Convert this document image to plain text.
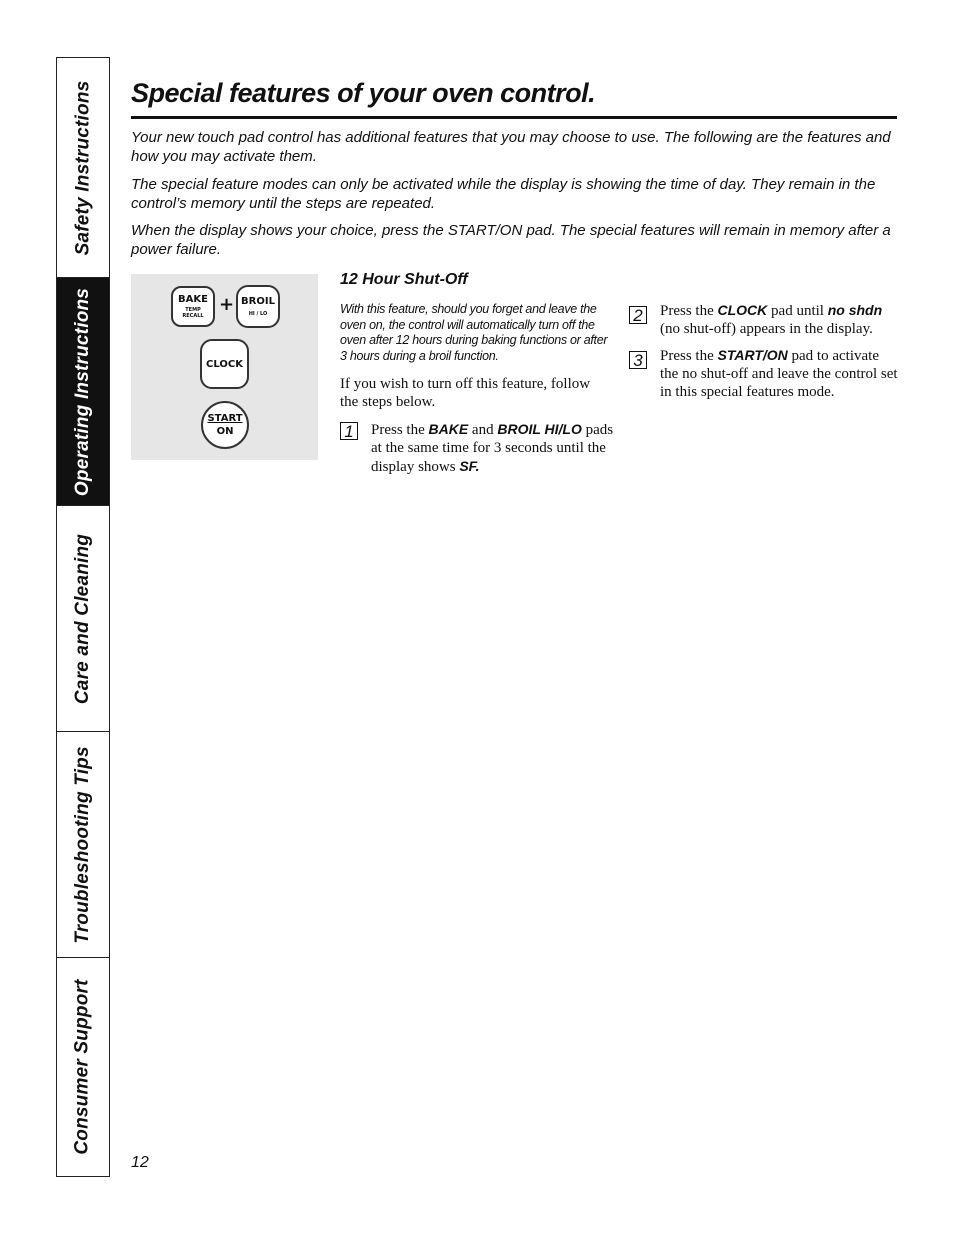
Safety Instructions
Operating Instructions
Care and Cleaning
Troubleshooting Tips
Consumer Support
Special features of your oven control.

Your new touch pad control has additional features that you may choose to use. The following are the features and how you may activate them.

The special feature modes can only be activated while the display is showing the time of day. They remain in the control’s memory until the steps are repeated.

When the display shows your choice, press the START/ON pad. The special features will remain in memory after a power failure.

BAKE
TEMP RECALL
+ BROIL
HI / LO
CLOCK
START
ON
12 Hour Shut-Off

With this feature, should you forget and leave the oven on, the control will automatically turn off the oven after 12 hours during baking functions or after 3 hours during a broil function.

If you wish to turn off this feature, follow the steps below.

1 Press the BAKE and BROIL HI/LO pads at the same time for 3 seconds until the display shows SF.

2 Press the CLOCK pad until no shdn (no shut-off) appears in the display.

3 Press the START/ON pad to activate the no shut-off and leave the control set in this special features mode.

12
